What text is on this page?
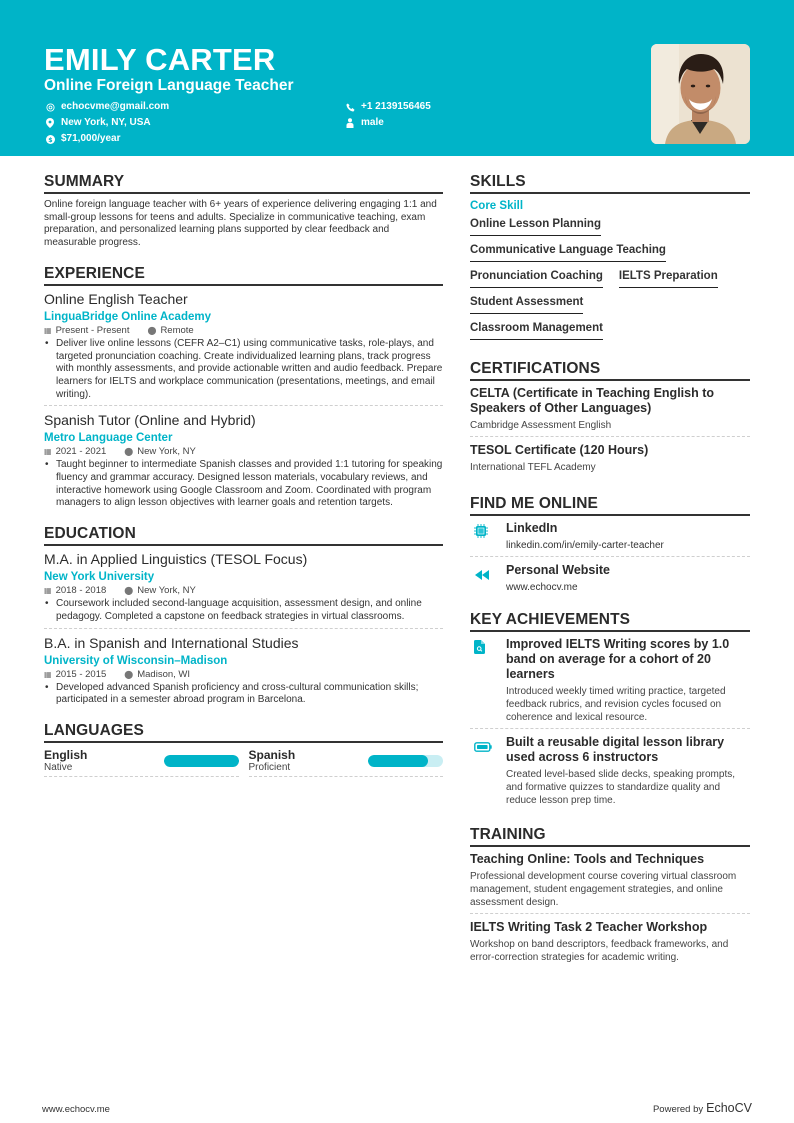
EMILY CARTER
Online Foreign Language Teacher
echocvme@gmail.com
New York, NY, USA
$ $71,000/year
+1 2139156465
male
SUMMARY
Online foreign language teacher with 6+ years of experience delivering engaging 1:1 and small-group lessons for teens and adults. Specialize in communicative teaching, exam preparation, and personalized learning plans supported by clear feedback and measurable progress.
EXPERIENCE
Online English Teacher
LinguaBridge Online Academy
▦ Present - Present ⬤ Remote
• Deliver live online lessons (CEFR A2–C1) using communicative tasks, role-plays, and targeted pronunciation coaching. Create individualized learning plans, track progress with monthly assessments, and provide actionable written and audio feedback. Prepare learners for IELTS and workplace communication (presentations, meetings, and email writing).
Spanish Tutor (Online and Hybrid)
Metro Language Center
▦ 2021 - 2021 ⬤ New York, NY
• Taught beginner to intermediate Spanish classes and provided 1:1 tutoring for speaking fluency and grammar accuracy. Designed lesson materials, vocabulary reviews, and interactive homework using Google Classroom and Zoom. Coordinated with program managers to align lesson objectives with learner goals and retention targets.
EDUCATION
M.A. in Applied Linguistics (TESOL Focus)
New York University
▦ 2018 - 2018 ⬤ New York, NY
• Coursework included second-language acquisition, assessment design, and online pedagogy. Completed a capstone on feedback strategies in virtual classrooms.
B.A. in Spanish and International Studies
University of Wisconsin–Madison
▦ 2015 - 2015 ⬤ Madison, WI
• Developed advanced Spanish proficiency and cross-cultural communication skills; participated in a semester abroad program in Barcelona.
LANGUAGES
English
Native
Spanish
Proficient
SKILLS
Core Skill
Online Lesson Planning
Communicative Language Teaching
Pronunciation Coaching IELTS Preparation
Student Assessment
Classroom Management
CERTIFICATIONS
CELTA (Certificate in Teaching English to Speakers of Other Languages)
Cambridge Assessment English
TESOL Certificate (120 Hours)
International TEFL Academy
FIND ME ONLINE
LinkedIn
linkedin.com/in/emily-carter-teacher
Personal Website
www.echocv.me
KEY ACHIEVEMENTS
Improved IELTS Writing scores by 1.0 band on average for a cohort of 20 learners
Introduced weekly timed writing practice, targeted feedback rubrics, and revision cycles focused on coherence and lexical resource.
Built a reusable digital lesson library used across 6 instructors
Created level-based slide decks, speaking prompts, and formative quizzes to standardize quality and reduce lesson prep time.
TRAINING
Teaching Online: Tools and Techniques
Professional development course covering virtual classroom management, student engagement strategies, and online assessment design.
IELTS Writing Task 2 Teacher Workshop
Workshop on band descriptors, feedback frameworks, and error-correction strategies for academic writing.
www.echocv.me	Powered by EchoCV
